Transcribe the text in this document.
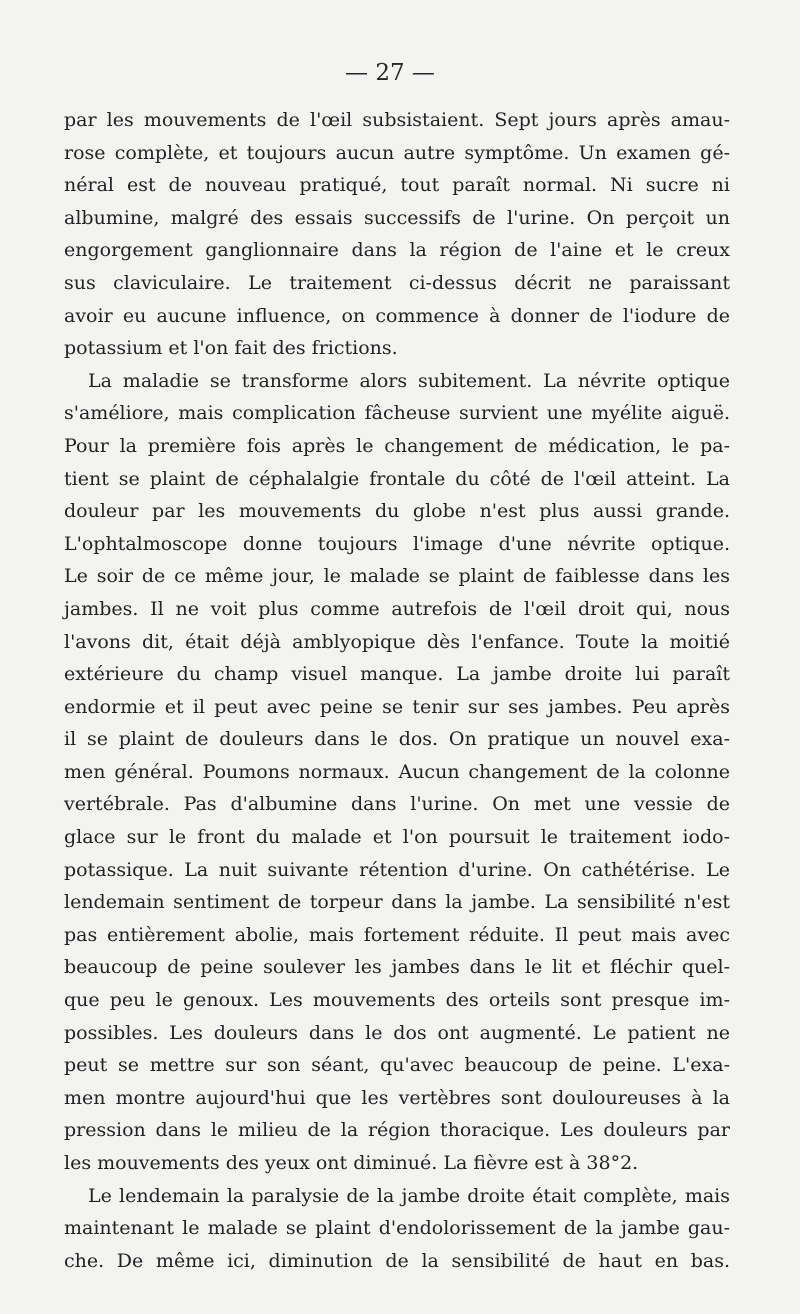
— 27 —
par les mouvements de l'œil subsistaient. Sept jours après amau-
rose complète, et toujours aucun autre symptôme. Un examen gé-
néral est de nouveau pratiqué, tout paraît normal. Ni sucre ni
albumine, malgré des essais successifs de l'urine. On perçoit un
engorgement ganglionnaire dans la région de l'aine et le creux
sus claviculaire. Le traitement ci-dessus décrit ne paraissant
avoir eu aucune influence, on commence à donner de l'iodure de
potassium et l'on fait des frictions.
La maladie se transforme alors subitement. La névrite optique
s'améliore, mais complication fâcheuse survient une myélite aiguë.
Pour la première fois après le changement de médication, le pa-
tient se plaint de céphalalgie frontale du côté de l'œil atteint. La
douleur par les mouvements du globe n'est plus aussi grande.
L'ophtalmoscope donne toujours l'image d'une névrite optique.
Le soir de ce même jour, le malade se plaint de faiblesse dans les
jambes. Il ne voit plus comme autrefois de l'œil droit qui, nous
l'avons dit, était déjà amblyopique dès l'enfance. Toute la moitié
extérieure du champ visuel manque. La jambe droite lui paraît
endormie et il peut avec peine se tenir sur ses jambes. Peu après
il se plaint de douleurs dans le dos. On pratique un nouvel exa-
men général. Poumons normaux. Aucun changement de la colonne
vertébrale. Pas d'albumine dans l'urine. On met une vessie de
glace sur le front du malade et l'on poursuit le traitement iodo-
potassique. La nuit suivante rétention d'urine. On cathétérise. Le
lendemain sentiment de torpeur dans la jambe. La sensibilité n'est
pas entièrement abolie, mais fortement réduite. Il peut mais avec
beaucoup de peine soulever les jambes dans le lit et fléchir quel-
que peu le genoux. Les mouvements des orteils sont presque im-
possibles. Les douleurs dans le dos ont augmenté. Le patient ne
peut se mettre sur son séant, qu'avec beaucoup de peine. L'exa-
men montre aujourd'hui que les vertèbres sont douloureuses à la
pression dans le milieu de la région thoracique. Les douleurs par
les mouvements des yeux ont diminué. La fièvre est à 38°2.
Le lendemain la paralysie de la jambe droite était complète, mais
maintenant le malade se plaint d'endolorissement de la jambe gau-
che. De même ici, diminution de la sensibilité de haut en bas.
